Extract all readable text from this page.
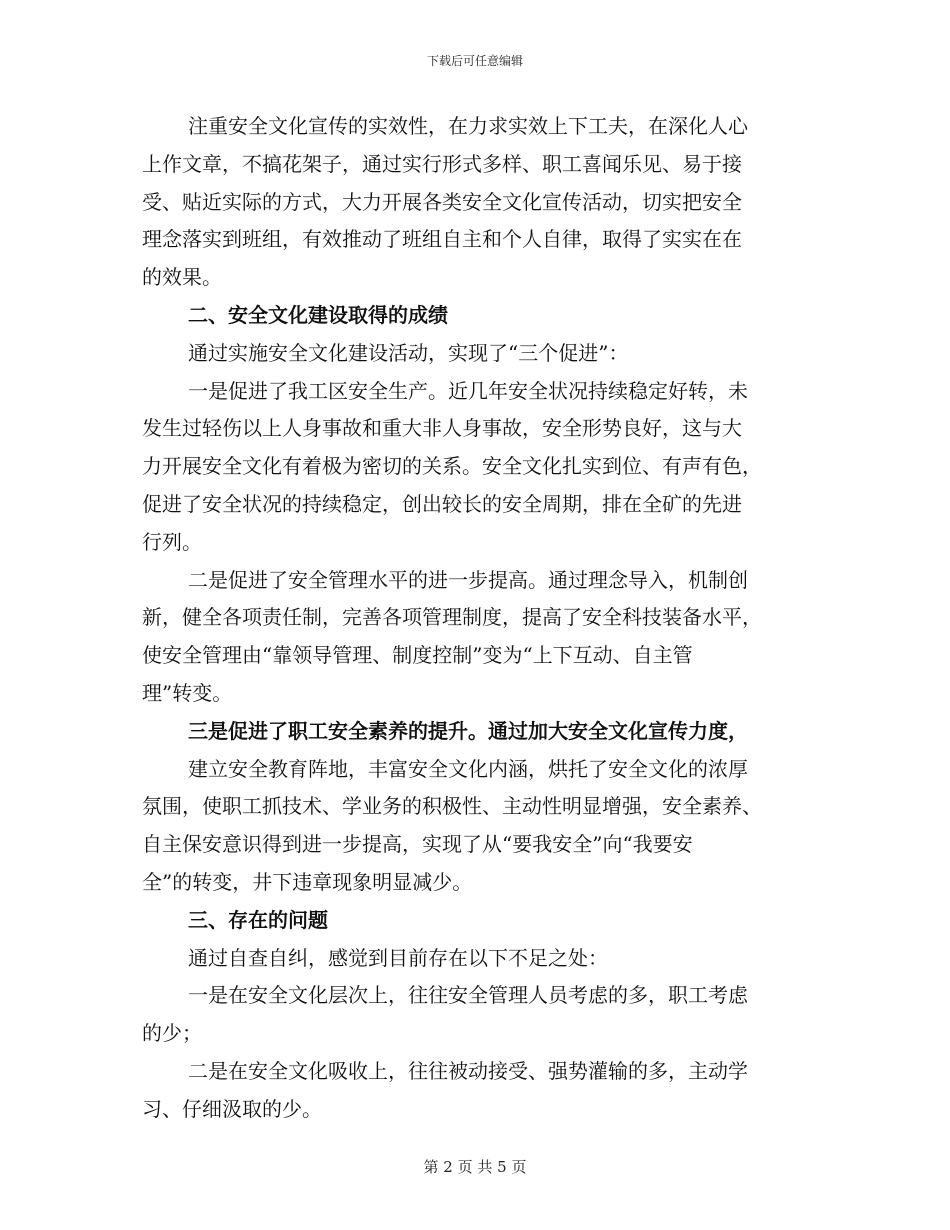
下载后可任意编辑
注重安全文化宣传的实效性，在力求实效上下工夫，在深化人心
上作文章，不搞花架子，通过实行形式多样、职工喜闻乐见、易于接
受、贴近实际的方式，大力开展各类安全文化宣传活动，切实把安全
理念落实到班组，有效推动了班组自主和个人自律，取得了实实在在
的效果。
二、安全文化建设取得的成绩
通过实施安全文化建设活动，实现了“三个促进”：
一是促进了我工区安全生产。近几年安全状况持续稳定好转，未
发生过轻伤以上人身事故和重大非人身事故，安全形势良好，这与大
力开展安全文化有着极为密切的关系。安全文化扎实到位、有声有色，
促进了安全状况的持续稳定，创出较长的安全周期，排在全矿的先进
行列。
二是促进了安全管理水平的进一步提高。通过理念导入，机制创
新，健全各项责任制，完善各项管理制度，提高了安全科技装备水平，
使安全管理由“靠领导管理、制度控制”变为“上下互动、自主管
理”转变。
三是促进了职工安全素养的提升。通过加大安全文化宣传力度，
建立安全教育阵地，丰富安全文化内涵，烘托了安全文化的浓厚
氛围，使职工抓技术、学业务的积极性、主动性明显增强，安全素养、
自主保安意识得到进一步提高，实现了从“要我安全”向“我要安
全”的转变，井下违章现象明显减少。
三、存在的问题
通过自查自纠，感觉到目前存在以下不足之处：
一是在安全文化层次上，往往安全管理人员考虑的多，职工考虑
的少；
二是在安全文化吸收上，往往被动接受、强势灌输的多，主动学
习、仔细汲取的少。
第 2 页 共 5 页
